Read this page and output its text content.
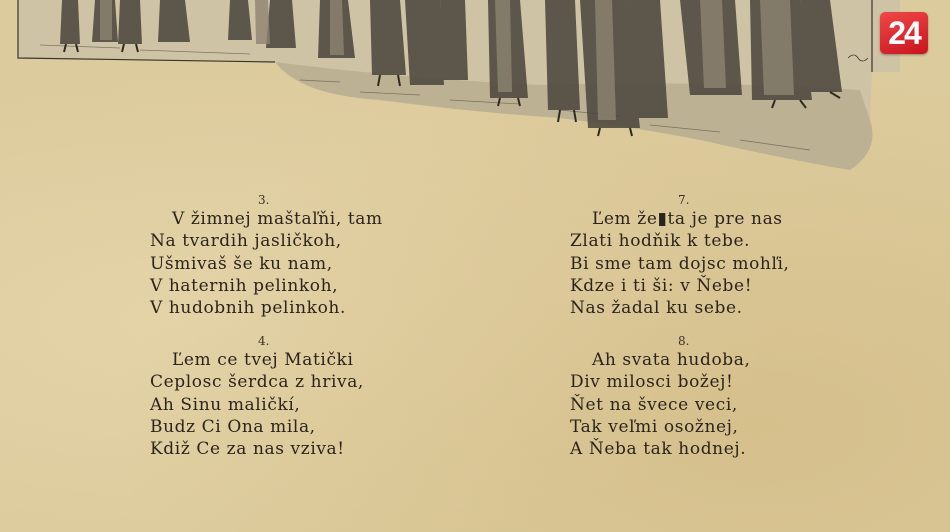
24
3.
V žimnej maštaľňi, tam
Na tvardih jasličkoh,
Ušmivaš še ku nam,
V haternih pelinkoh,
V hudobnih pelinkoh.
7.
Ľem že▮ta je pre nas
Zlati hodňik k tebe.
Bi sme tam dojsc mohľi,
Kdze i ti ši: v Ňebe!
Nas žadal ku sebe.
4.
Ľem ce tvej Matički
Ceplosc šerdca z hriva,
Ah Sinu maličkí,
Budz Ci Ona mila,
Kdiž Ce za nas vziva!
8.
Ah svata hudoba,
Div milosci božej!
Ňet na švece veci,
Tak veľmi osožnej,
A Ňeba tak hodnej.
